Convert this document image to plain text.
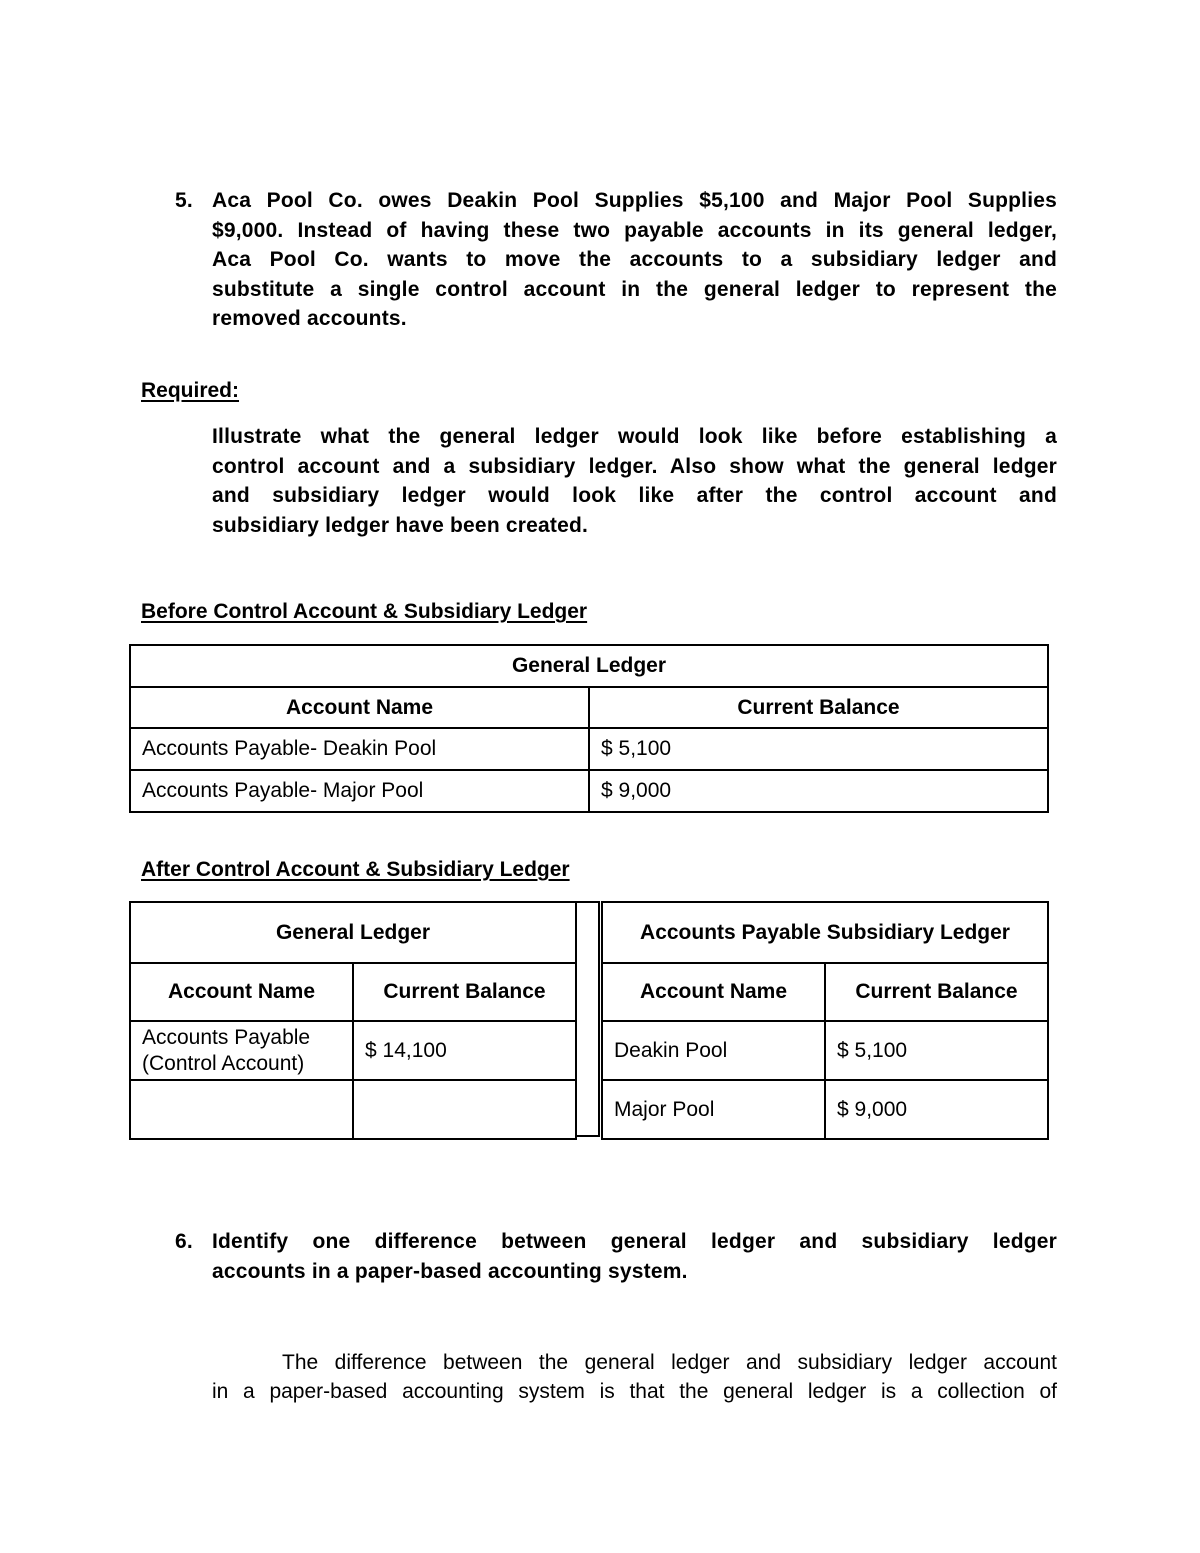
5. Aca Pool Co. owes Deakin Pool Supplies $5,100 and Major Pool Supplies
$9,000. Instead of having these two payable accounts in its general ledger,
Aca Pool Co. wants to move the accounts to a subsidiary ledger and
substitute a single control account in the general ledger to represent the
removed accounts.
Required:
Illustrate what the general ledger would look like before establishing a
control account and a subsidiary ledger. Also show what the general ledger
and subsidiary ledger would look like after the control account and
subsidiary ledger have been created.
Before Control Account & Subsidiary Ledger
General Ledger	
Account Name	Current Balance
Accounts Payable- Deakin Pool	$ 5,100
Accounts Payable- Major Pool	$ 9,000
After Control Account & Subsidiary Ledger
General Ledger	
Account Name	Current Balance

Accounts Payable
(Control Account)	$ 14,100

Accounts Payable Subsidiary Ledger	
Account Name	Current Balance
Deakin Pool	$ 5,100
Major Pool	$ 9,000
6. Identify one difference between general ledger and subsidiary ledger
accounts in a paper-based accounting system.
The difference between the general ledger and subsidiary ledger account
in a paper-based accounting system is that the general ledger is a collection of
